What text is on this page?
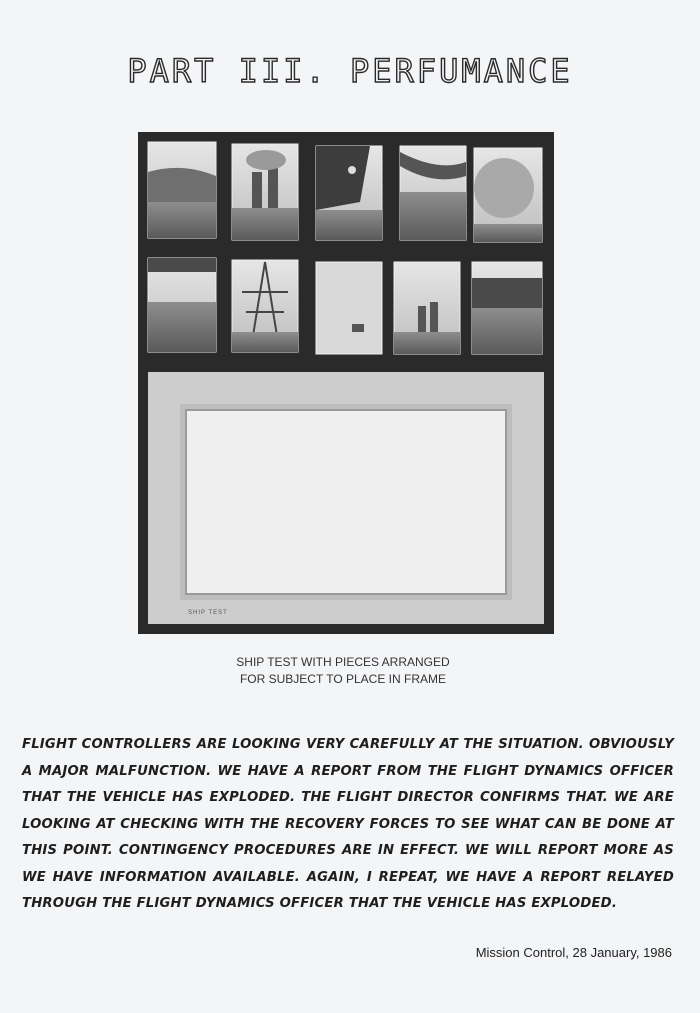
PART III. PERFUMANCE
SHIP TEST
SHIP TEST WITH PIECES ARRANGED
FOR SUBJECT TO PLACE IN FRAME
FLIGHT CONTROLLERS ARE LOOKING VERY CAREFULLY AT THE SITUATION. OBVIOUSLY A MAJOR MALFUNCTION. WE HAVE A REPORT FROM THE FLIGHT DYNAMICS OFFICER THAT THE VEHICLE HAS EXPLODED. THE FLIGHT DIRECTOR CONFIRMS THAT. WE ARE LOOKING AT CHECKING WITH THE RECOVERY FORCES TO SEE WHAT CAN BE DONE AT THIS POINT. CONTINGENCY PROCEDURES ARE IN EFFECT. WE WILL REPORT MORE AS WE HAVE INFORMATION AVAILABLE. AGAIN, I REPEAT, WE HAVE A REPORT RELAYED THROUGH THE FLIGHT DYNAMICS OFFICER THAT THE VEHICLE HAS EXPLODED.
Mission Control, 28 January, 1986
